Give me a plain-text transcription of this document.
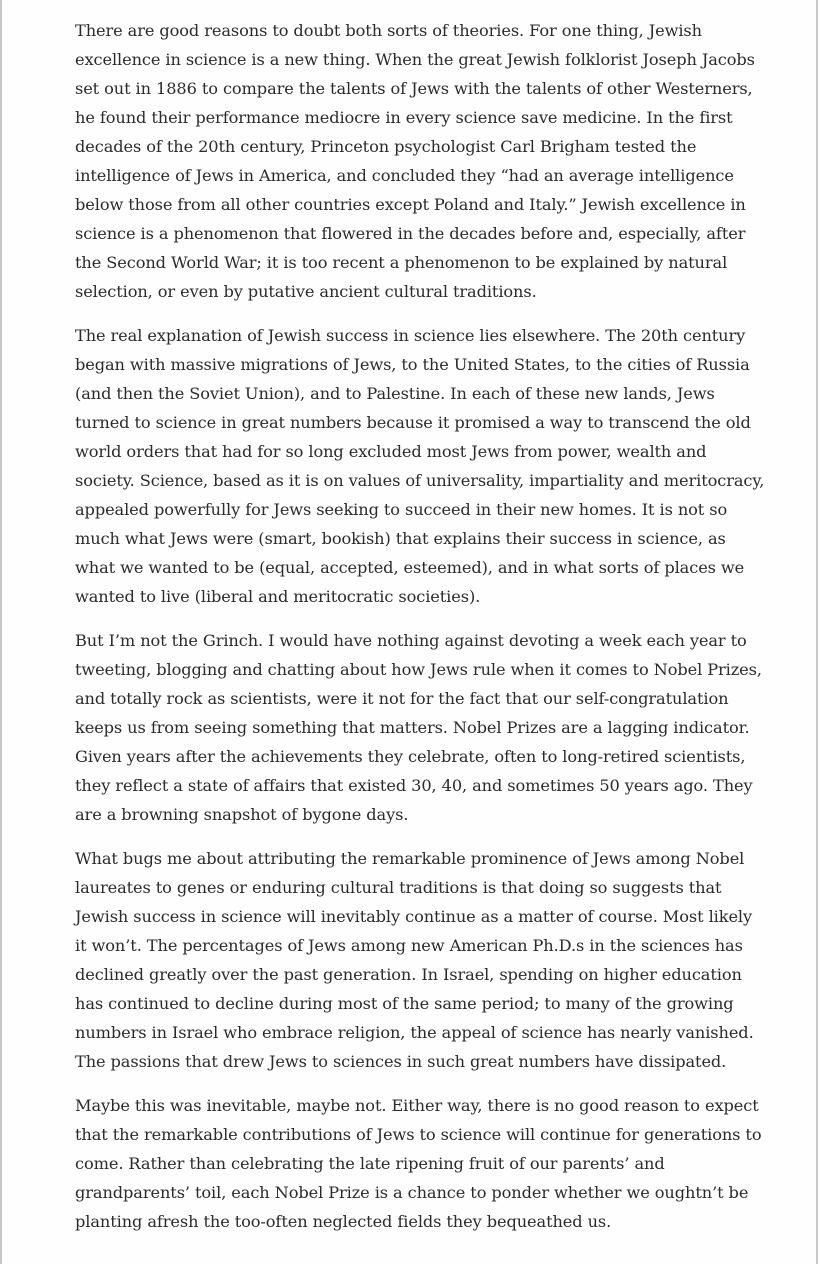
There are good reasons to doubt both sorts of theories. For one thing, Jewish excellence in science is a new thing. When the great Jewish folklorist Joseph Jacobs set out in 1886 to compare the talents of Jews with the talents of other Westerners, he found their performance mediocre in every science save medicine. In the first decades of the 20th century, Princeton psychologist Carl Brigham tested the intelligence of Jews in America, and concluded they “had an average intelligence below those from all other countries except Poland and Italy.” Jewish excellence in science is a phenomenon that flowered in the decades before and, especially, after the Second World War; it is too recent a phenomenon to be explained by natural selection, or even by putative ancient cultural traditions.

The real explanation of Jewish success in science lies elsewhere. The 20th century began with massive migrations of Jews, to the United States, to the cities of Russia (and then the Soviet Union), and to Palestine. In each of these new lands, Jews turned to science in great numbers because it promised a way to transcend the old world orders that had for so long excluded most Jews from power, wealth and society. Science, based as it is on values of universality, impartiality and meritocracy, appealed powerfully for Jews seeking to succeed in their new homes. It is not so much what Jews were (smart, bookish) that explains their success in science, as what we wanted to be (equal, accepted, esteemed), and in what sorts of places we wanted to live (liberal and meritocratic societies).

But I’m not the Grinch. I would have nothing against devoting a week each year to tweeting, blogging and chatting about how Jews rule when it comes to Nobel Prizes, and totally rock as scientists, were it not for the fact that our self-congratulation keeps us from seeing something that matters. Nobel Prizes are a lagging indicator. Given years after the achievements they celebrate, often to long-retired scientists, they reflect a state of affairs that existed 30, 40, and sometimes 50 years ago. They are a browning snapshot of bygone days.

What bugs me about attributing the remarkable prominence of Jews among Nobel laureates to genes or enduring cultural traditions is that doing so suggests that Jewish success in science will inevitably continue as a matter of course. Most likely it won’t. The percentages of Jews among new American Ph.D.s in the sciences has declined greatly over the past generation. In Israel, spending on higher education has continued to decline during most of the same period; to many of the growing numbers in Israel who embrace religion, the appeal of science has nearly vanished. The passions that drew Jews to sciences in such great numbers have dissipated.

Maybe this was inevitable, maybe not. Either way, there is no good reason to expect that the remarkable contributions of Jews to science will continue for generations to come. Rather than celebrating the late ripening fruit of our parents’ and grandparents’ toil, each Nobel Prize is a chance to ponder whether we oughtn’t be planting afresh the too-often neglected fields they bequeathed us.
